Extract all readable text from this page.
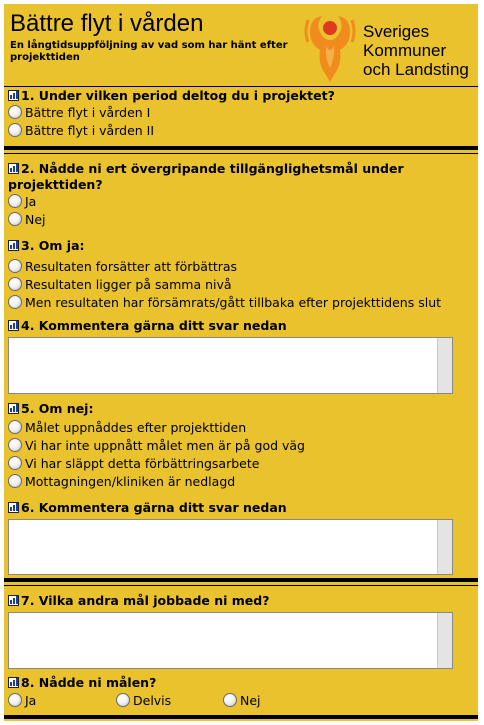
Bättre flyt i vården
En långtidsuppföljning av vad som har hänt efter projekttiden
Sveriges
Kommuner
och Landsting
1. Under vilken period deltog du i projektet?
Bättre flyt i vården I
Bättre flyt i vården II
2. Nådde ni ert övergripande tillgänglighetsmål under projekttiden?
Ja
Nej
3. Om ja:
Resultaten forsätter att förbättras
Resultaten ligger på samma nivå
Men resultaten har försämrats/gått tillbaka efter projekttidens slut
4. Kommentera gärna ditt svar nedan
5. Om nej:
Målet uppnåddes efter projekttiden
Vi har inte uppnått målet men är på god väg
Vi har släppt detta förbättringsarbete
Mottagningen/kliniken är nedlagd
6. Kommentera gärna ditt svar nedan
7. Vilka andra mål jobbade ni med?
8. Nådde ni målen?
Ja	Delvis	Nej
